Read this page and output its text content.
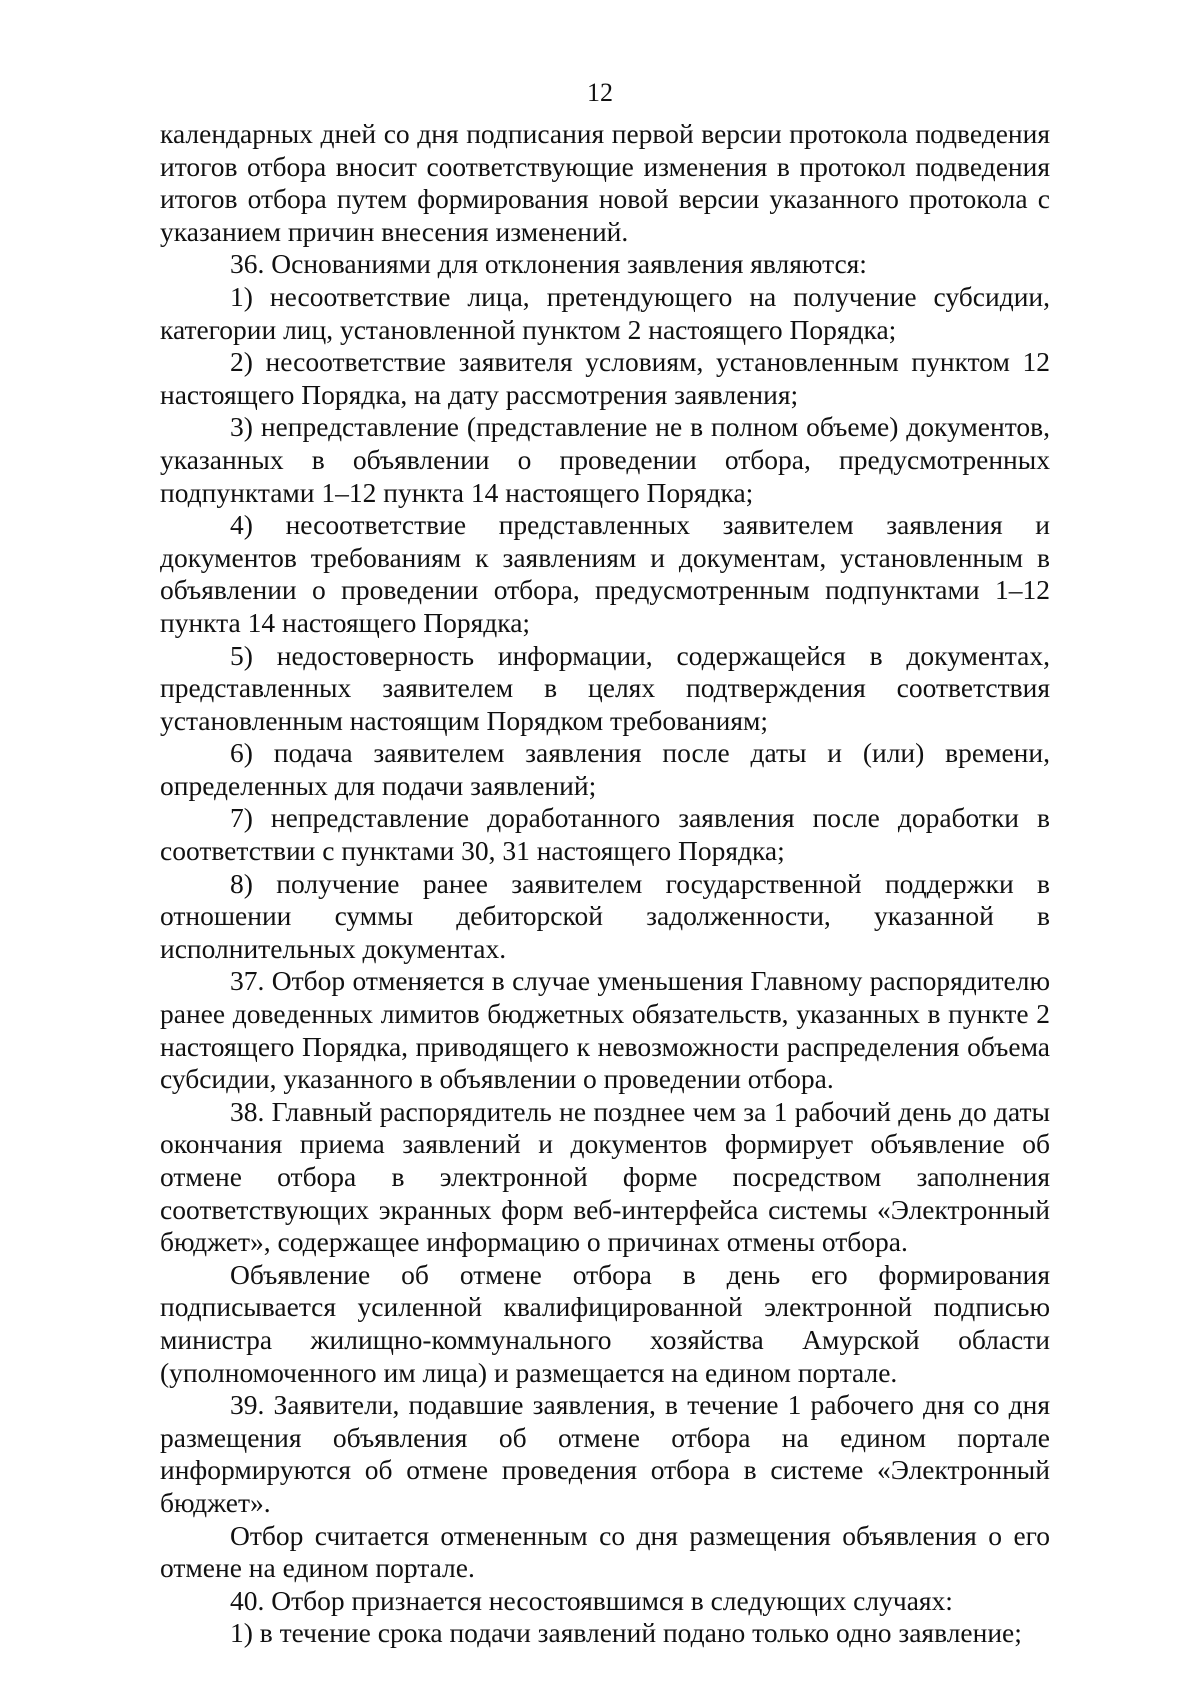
12

календарных дней со дня подписания первой версии протокола подведения итогов отбора вносит соответствующие изменения в протокол подведения итогов отбора путем формирования новой версии указанного протокола с указанием причин внесения изменений.

36. Основаниями для отклонения заявления являются:

1) несоответствие лица, претендующего на получение субсидии, категории лиц, установленной пунктом 2 настоящего Порядка;

2) несоответствие заявителя условиям, установленным пунктом 12 настоящего Порядка, на дату рассмотрения заявления;

3) непредставление (представление не в полном объеме) документов, указанных в объявлении о проведении отбора, предусмотренных подпунктами 1–12 пункта 14 настоящего Порядка;

4) несоответствие представленных заявителем заявления и документов требованиям к заявлениям и документам, установленным в объявлении о проведении отбора, предусмотренным подпунктами 1–12 пункта 14 настоящего Порядка;

5) недостоверность информации, содержащейся в документах, представленных заявителем в целях подтверждения соответствия установленным настоящим Порядком требованиям;

6) подача заявителем заявления после даты и (или) времени, определенных для подачи заявлений;

7) непредставление доработанного заявления после доработки в соответствии с пунктами 30, 31 настоящего Порядка;

8) получение ранее заявителем государственной поддержки в отношении суммы дебиторской задолженности, указанной в исполнительных документах.

37. Отбор отменяется в случае уменьшения Главному распорядителю ранее доведенных лимитов бюджетных обязательств, указанных в пункте 2 настоящего Порядка, приводящего к невозможности распределения объема субсидии, указанного в объявлении о проведении отбора.

38. Главный распорядитель не позднее чем за 1 рабочий день до даты окончания приема заявлений и документов формирует объявление об отмене отбора в электронной форме посредством заполнения соответствующих экранных форм веб-интерфейса системы «Электронный бюджет», содержащее информацию о причинах отмены отбора.

Объявление об отмене отбора в день его формирования подписывается усиленной квалифицированной электронной подписью министра жилищно-коммунального хозяйства Амурской области (уполномоченного им лица) и размещается на едином портале.

39. Заявители, подавшие заявления, в течение 1 рабочего дня со дня размещения объявления об отмене отбора на едином портале информируются об отмене проведения отбора в системе «Электронный бюджет».

Отбор считается отмененным со дня размещения объявления о его отмене на едином портале.

40. Отбор признается несостоявшимся в следующих случаях:

1) в течение срока подачи заявлений подано только одно заявление;
